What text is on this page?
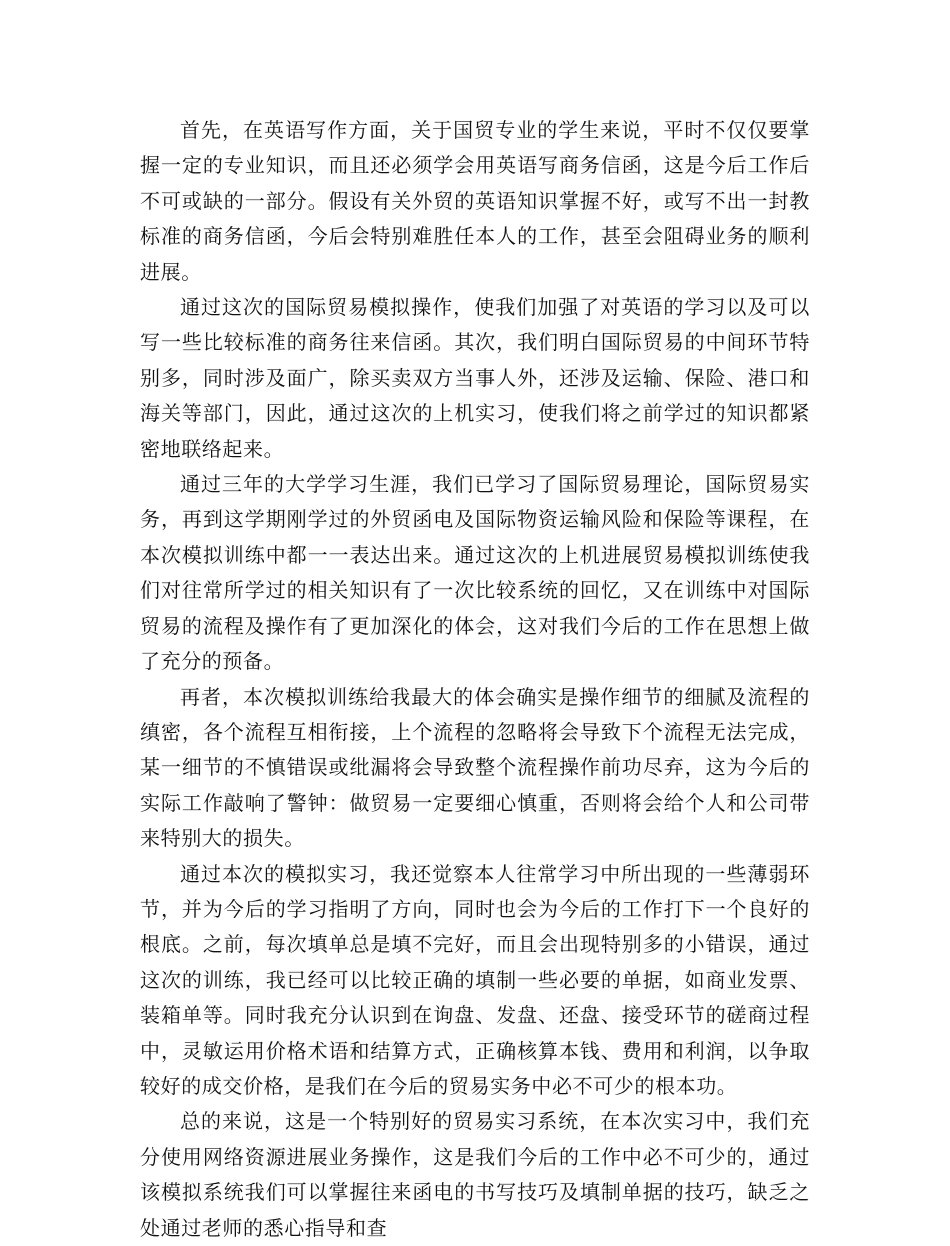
首先，在英语写作方面，关于国贸专业的学生来说，平时不仅仅要掌握一定的专业知识，而且还必须学会用英语写商务信函，这是今后工作后不可或缺的一部分。假设有关外贸的英语知识掌握不好，或写不出一封教标准的商务信函，今后会特别难胜任本人的工作，甚至会阻碍业务的顺利进展。

通过这次的国际贸易模拟操作，使我们加强了对英语的学习以及可以写一些比较标准的商务往来信函。其次，我们明白国际贸易的中间环节特别多，同时涉及面广，除买卖双方当事人外，还涉及运输、保险、港口和海关等部门，因此，通过这次的上机实习，使我们将之前学过的知识都紧密地联络起来。

通过三年的大学学习生涯，我们已学习了国际贸易理论，国际贸易实务，再到这学期刚学过的外贸函电及国际物资运输风险和保险等课程，在本次模拟训练中都一一表达出来。通过这次的上机进展贸易模拟训练使我们对往常所学过的相关知识有了一次比较系统的回忆，又在训练中对国际贸易的流程及操作有了更加深化的体会，这对我们今后的工作在思想上做了充分的预备。

再者，本次模拟训练给我最大的体会确实是操作细节的细腻及流程的缜密，各个流程互相衔接，上个流程的忽略将会导致下个流程无法完成，某一细节的不慎错误或纰漏将会导致整个流程操作前功尽弃，这为今后的实际工作敲响了警钟：做贸易一定要细心慎重，否则将会给个人和公司带来特别大的损失。

通过本次的模拟实习，我还觉察本人往常学习中所出现的一些薄弱环节，并为今后的学习指明了方向，同时也会为今后的工作打下一个良好的根底。之前，每次填单总是填不完好，而且会出现特别多的小错误，通过这次的训练，我已经可以比较正确的填制一些必要的单据，如商业发票、装箱单等。同时我充分认识到在询盘、发盘、还盘、接受环节的磋商过程中，灵敏运用价格术语和结算方式，正确核算本钱、费用和利润，以争取较好的成交价格，是我们在今后的贸易实务中必不可少的根本功。

总的来说，这是一个特别好的贸易实习系统，在本次实习中，我们充分使用网络资源进展业务操作，这是我们今后的工作中必不可少的，通过该模拟系统我们可以掌握往来函电的书写技巧及填制单据的技巧，缺乏之处通过老师的悉心指导和查
